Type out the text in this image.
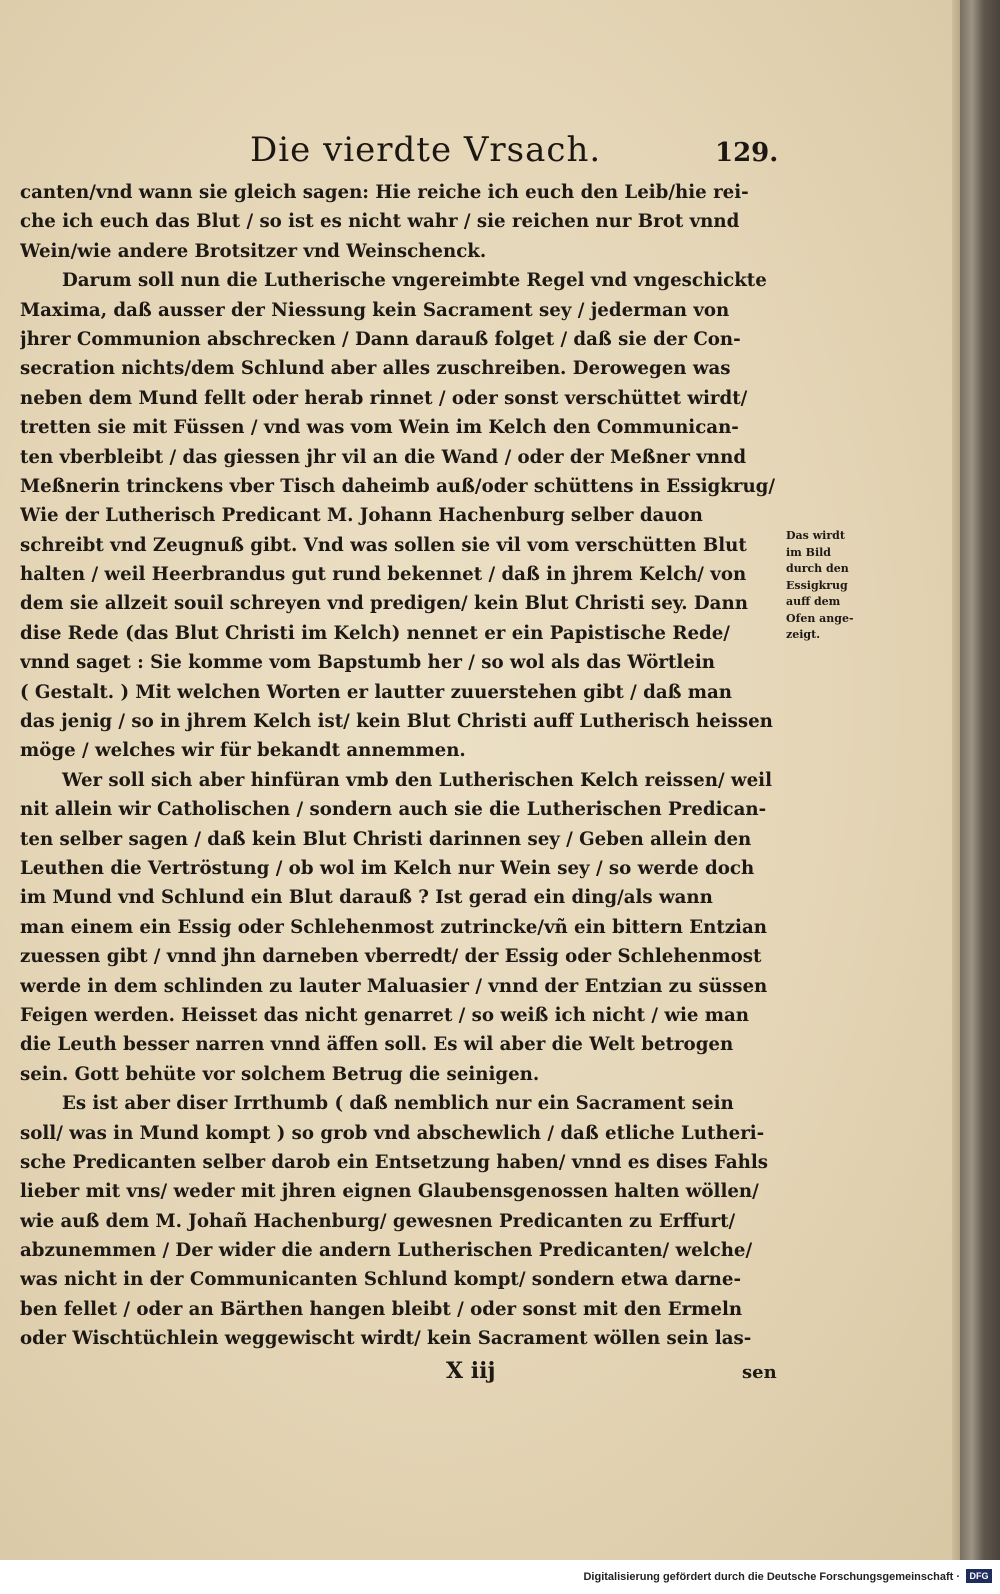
Die vierdte Vrsach.	129.
canten/vnd wann sie gleich sagen: Hie reiche ich euch den Leib/hie rei-
che ich euch das Blut / so ist es nicht wahr / sie reichen nur Brot vnnd
Wein/wie andere Brotsitzer vnd Weinschenck.
Darum soll nun die Lutherische vngereimbte Regel vnd vngeschickte
Maxima, daß ausser der Niessung kein Sacrament sey / jederman von
jhrer Communion abschrecken / Dann darauß folget / daß sie der Con-
secration nichts/dem Schlund aber alles zuschreiben. Derowegen was
neben dem Mund fellt oder herab rinnet / oder sonst verschüttet wirdt/
tretten sie mit Füssen / vnd was vom Wein im Kelch den Communican-
ten vberbleibt / das giessen jhr vil an die Wand / oder der Meßner vnnd
Meßnerin trinckens vber Tisch daheimb auß/oder schüttens in Essigkrug/
Wie der Lutherisch Predicant M. Johann Hachenburg selber dauon
schreibt vnd Zeugnuß gibt. Vnd was sollen sie vil vom verschütten Blut
halten / weil Heerbrandus gut rund bekennet / daß in jhrem Kelch/ von
dem sie allzeit souil schreyen vnd predigen/ kein Blut Christi sey. Dann
dise Rede (das Blut Christi im Kelch) nennet er ein Papistische Rede/
vnnd saget : Sie komme vom Bapstumb her / so wol als das Wörtlein
( Gestalt. ) Mit welchen Worten er lautter zuuerstehen gibt / daß man
das jenig / so in jhrem Kelch ist/ kein Blut Christi auff Lutherisch heissen
möge / welches wir für bekandt annemmen.
Wer soll sich aber hinfüran vmb den Lutherischen Kelch reissen/ weil
nit allein wir Catholischen / sondern auch sie die Lutherischen Predican-
ten selber sagen / daß kein Blut Christi darinnen sey / Geben allein den
Leuthen die Vertröstung / ob wol im Kelch nur Wein sey / so werde doch
im Mund vnd Schlund ein Blut darauß ? Ist gerad ein ding/als wann
man einem ein Essig oder Schlehenmost zutrincke/vñ ein bittern Entzian
zuessen gibt / vnnd jhn darneben vberredt/ der Essig oder Schlehenmost
werde in dem schlinden zu lauter Maluasier / vnnd der Entzian zu süssen
Feigen werden. Heisset das nicht genarret / so weiß ich nicht / wie man
die Leuth besser narren vnnd äffen soll. Es wil aber die Welt betrogen
sein. Gott behüte vor solchem Betrug die seinigen.
Es ist aber diser Irrthumb ( daß nemblich nur ein Sacrament sein
soll/ was in Mund kompt ) so grob vnd abschewlich / daß etliche Lutheri-
sche Predicanten selber darob ein Entsetzung haben/ vnnd es dises Fahls
lieber mit vns/ weder mit jhren eignen Glaubensgenossen halten wöllen/
wie auß dem M. Johañ Hachenburg/ gewesnen Predicanten zu Erffurt/
abzunemmen / Der wider die andern Lutherischen Predicanten/ welche/
was nicht in der Communicanten Schlund kompt/ sondern etwa darne-
ben fellet / oder an Bärthen hangen bleibt / oder sonst mit den Ermeln
oder Wischtüchlein weggewischt wirdt/ kein Sacrament wöllen sein las-
Das wirdt
im Bild
durch den
Essigkrug
auff dem
Ofen ange-
zeigt.
X iij	sen
Digitalisierung gefördert durch die Deutsche Forschungsgemeinschaft ·	DFG
